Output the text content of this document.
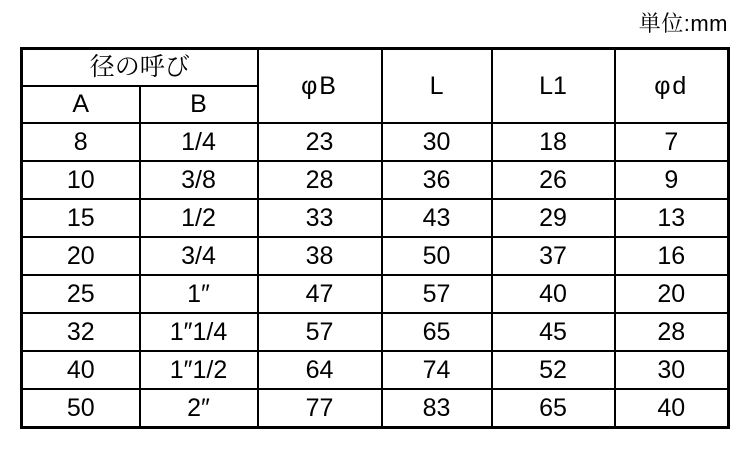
単位:mm
径の呼び		φB	L	L1	φd
A	B				
8	1/4	23	30	18	7
10	3/8	28	36	26	9
15	1/2	33	43	29	13
20	3/4	38	50	37	16
25	1″	47	57	40	20
32	1″1/4	57	65	45	28
40	1″1/2	64	74	52	30
50	2″	77	83	65	40
